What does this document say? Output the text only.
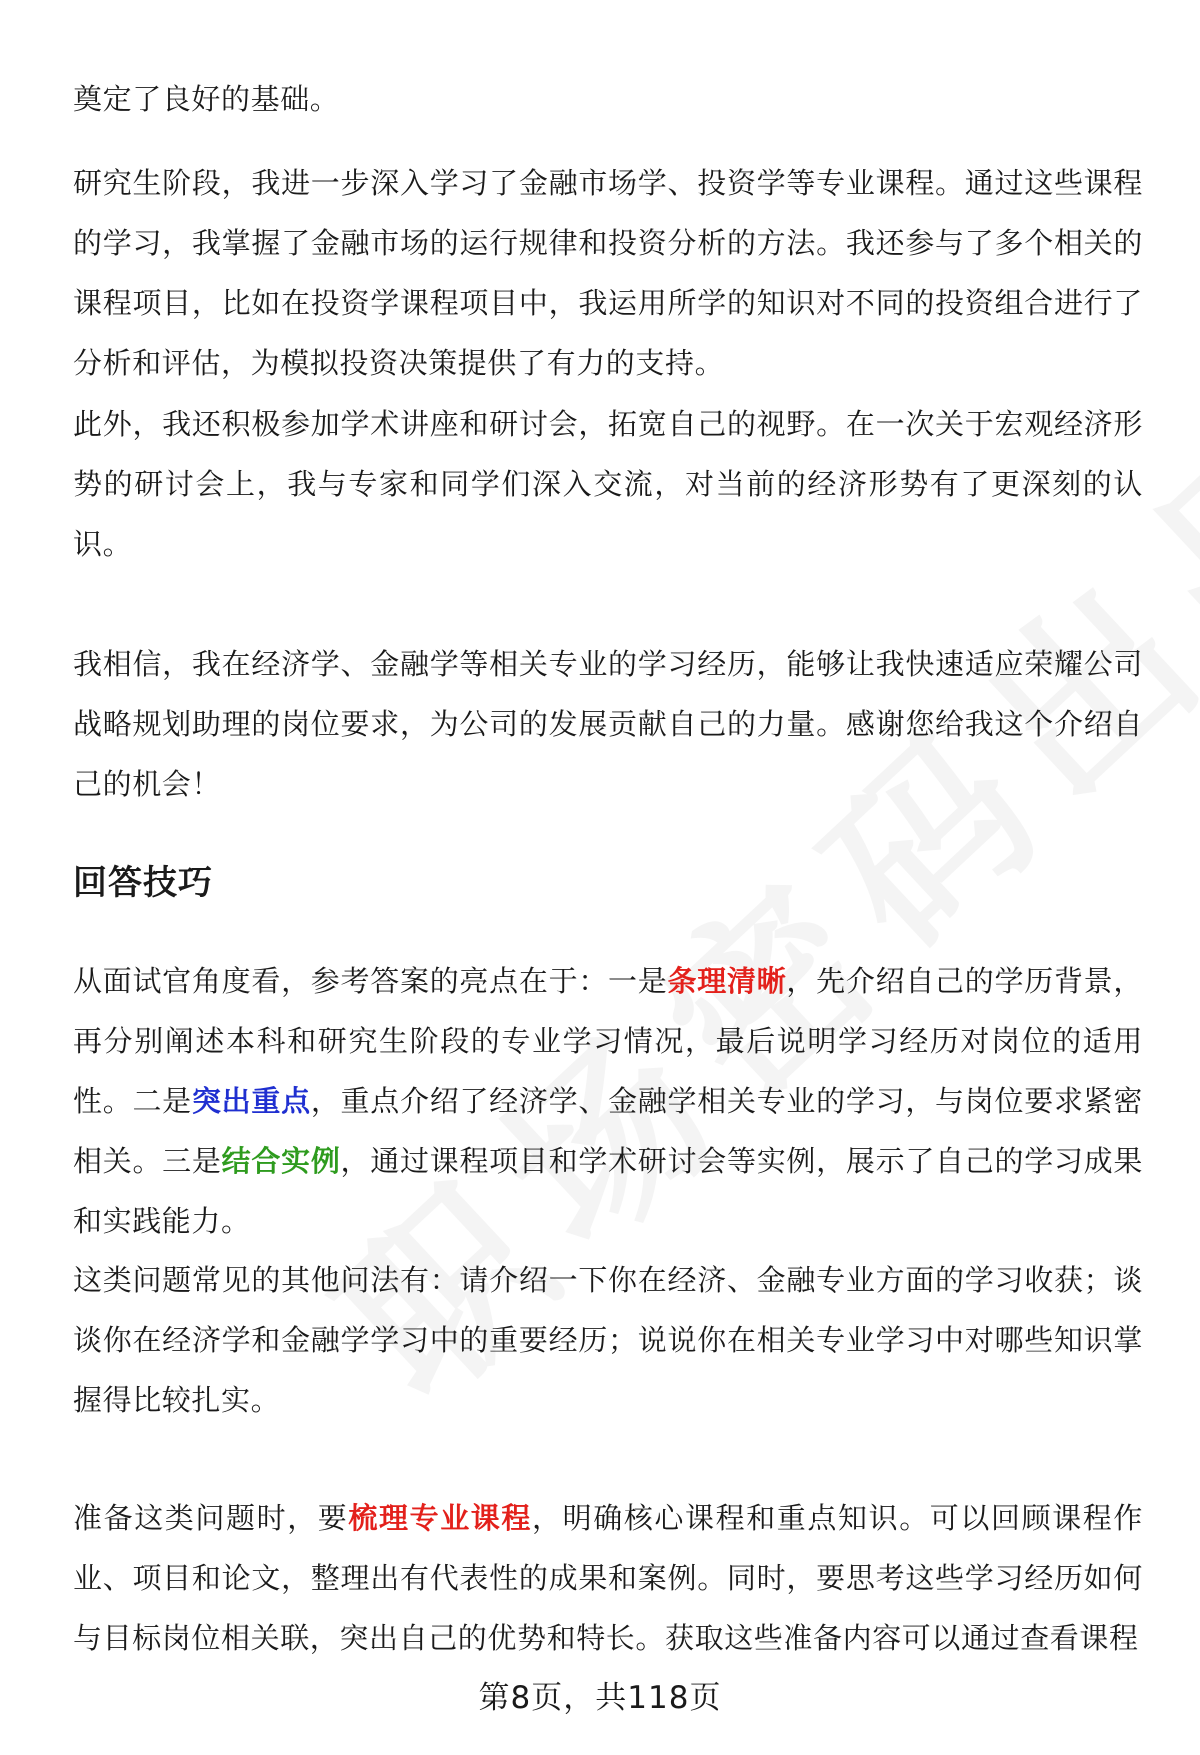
奠定了良好的基础。

研究生阶段，我进一步深入学习了金融市场学、投资学等专业课程。通过这些课程的学习，我掌握了金融市场的运行规律和投资分析的方法。我还参与了多个相关的课程项目，比如在投资学课程项目中，我运用所学的知识对不同的投资组合进行了分析和评估，为模拟投资决策提供了有力的支持。

此外，我还积极参加学术讲座和研讨会，拓宽自己的视野。在一次关于宏观经济形势的研讨会上，我与专家和同学们深入交流，对当前的经济形势有了更深刻的认识。

我相信，我在经济学、金融学等相关专业的学习经历，能够让我快速适应荣耀公司战略规划助理的岗位要求，为公司的发展贡献自己的力量。感谢您给我这个介绍自己的机会！

回答技巧

从面试官角度看，参考答案的亮点在于：一是条理清晰，先介绍自己的学历背景，再分别阐述本科和研究生阶段的专业学习情况，最后说明学习经历对岗位的适用性。二是突出重点，重点介绍了经济学、金融学相关专业的学习，与岗位要求紧密相关。三是结合实例，通过课程项目和学术研讨会等实例，展示了自己的学习成果和实践能力。

这类问题常见的其他问法有：请介绍一下你在经济、金融专业方面的学习收获；谈谈你在经济学和金融学学习中的重要经历；说说你在相关专业学习中对哪些知识掌握得比较扎实。

准备这类问题时，要梳理专业课程，明确核心课程和重点知识。可以回顾课程作业、项目和论文，整理出有代表性的成果和案例。同时，要思考这些学习经历如何与目标岗位相关联，突出自己的优势和特长。获取这些准备内容可以通过查看课程

第8页，共118页
